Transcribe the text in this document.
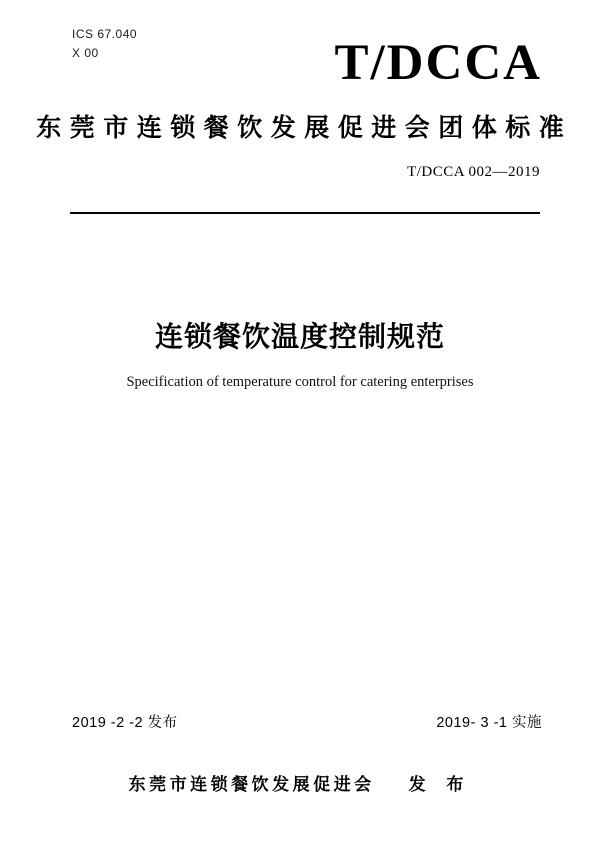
ICS 67.040
X 00	T/DCCA
东莞市连锁餐饮发展促进会团体标准
T/DCCA 002—2019
连锁餐饮温度控制规范
Specification of temperature control for catering enterprises
2019 -2 -2 发布	2019- 3 -1 实施
东莞市连锁餐饮发展促进会 发 布
